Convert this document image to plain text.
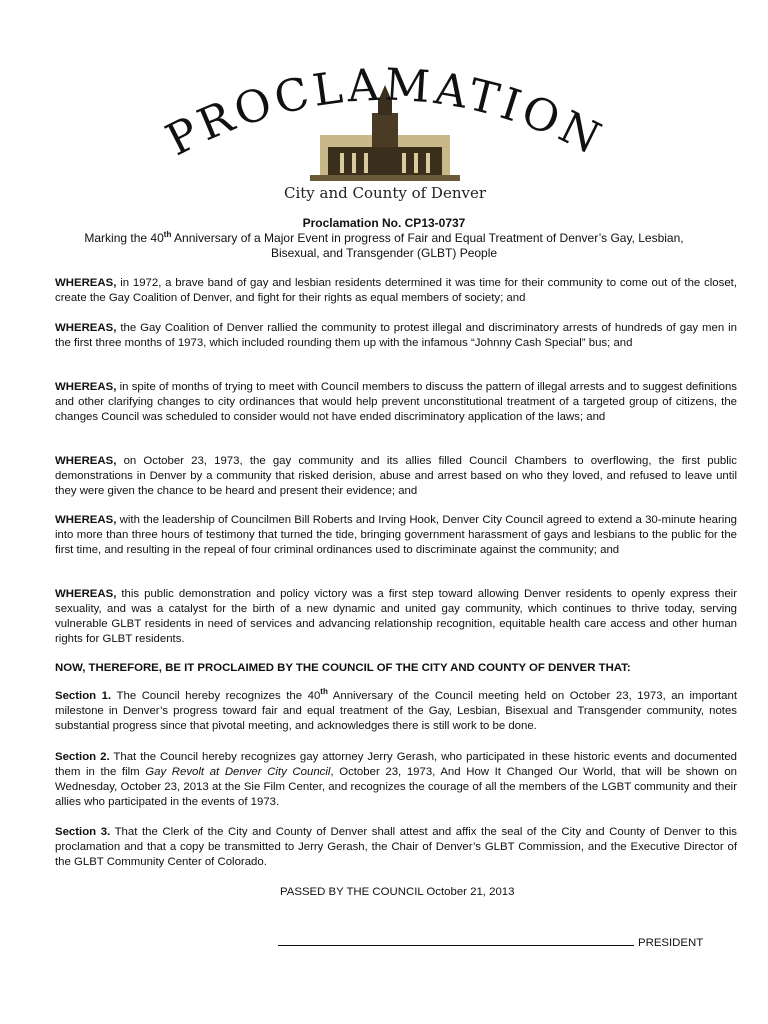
PROCLAMATION
City and County of Denver
Proclamation No. CP13-0737
Marking the 40th Anniversary of a Major Event in progress of Fair and Equal Treatment of Denver’s Gay, Lesbian,
Bisexual, and Transgender (GLBT) People
WHEREAS, in 1972, a brave band of gay and lesbian residents determined it was time for their community to come out of the closet, create the Gay Coalition of Denver, and fight for their rights as equal members of society; and
WHEREAS, the Gay Coalition of Denver rallied the community to protest illegal and discriminatory arrests of hundreds of gay men in the first three months of 1973, which included rounding them up with the infamous “Johnny Cash Special” bus; and
WHEREAS, in spite of months of trying to meet with Council members to discuss the pattern of illegal arrests and to suggest definitions and other clarifying changes to city ordinances that would help prevent unconstitutional treatment of a targeted group of citizens, the changes Council was scheduled to consider would not have ended discriminatory application of the laws; and
WHEREAS, on October 23, 1973, the gay community and its allies filled Council Chambers to overflowing, the first public demonstrations in Denver by a community that risked derision, abuse and arrest based on who they loved, and refused to leave until they were given the chance to be heard and present their evidence; and
WHEREAS, with the leadership of Councilmen Bill Roberts and Irving Hook, Denver City Council agreed to extend a 30-minute hearing into more than three hours of testimony that turned the tide, bringing government harassment of gays and lesbians to the public for the first time, and resulting in the repeal of four criminal ordinances used to discriminate against the community; and
WHEREAS, this public demonstration and policy victory was a first step toward allowing Denver residents to openly express their sexuality, and was a catalyst for the birth of a new dynamic and united gay community, which continues to thrive today, serving vulnerable GLBT residents in need of services and advancing relationship recognition, equitable health care access and other human rights for GLBT residents.
NOW, THEREFORE, BE IT PROCLAIMED BY THE COUNCIL OF THE CITY AND COUNTY OF DENVER THAT:
Section 1. The Council hereby recognizes the 40th Anniversary of the Council meeting held on October 23, 1973, an important milestone in Denver’s progress toward fair and equal treatment of the Gay, Lesbian, Bisexual and Transgender community, notes substantial progress since that pivotal meeting, and acknowledges there is still work to be done.
Section 2. That the Council hereby recognizes gay attorney Jerry Gerash, who participated in these historic events and documented them in the film Gay Revolt at Denver City Council, October 23, 1973, And How It Changed Our World, that will be shown on Wednesday, October 23, 2013 at the Sie Film Center, and recognizes the courage of all the members of the LGBT community and their allies who participated in the events of 1973.
Section 3. That the Clerk of the City and County of Denver shall attest and affix the seal of the City and County of Denver to this proclamation and that a copy be transmitted to Jerry Gerash, the Chair of Denver’s GLBT Commission, and the Executive Director of the GLBT Community Center of Colorado.
PASSED BY THE COUNCIL October 21, 2013
PRESIDENT
